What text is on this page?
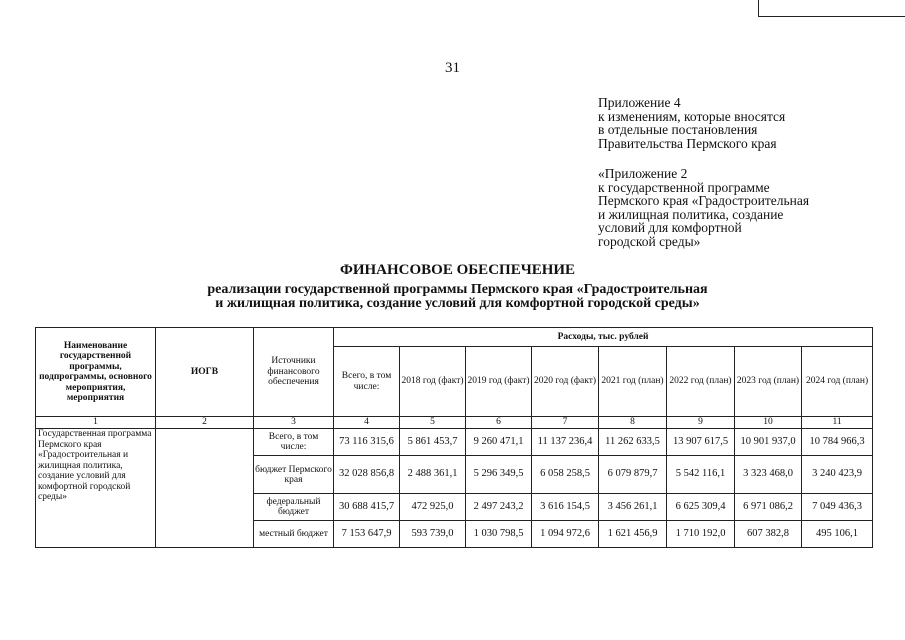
31
Приложение 4
к изменениям, которые вносятся
в отдельные постановления
Правительства Пермского края
«Приложение 2
к государственной программе
Пермского края «Градостроительная
и жилищная политика, создание
условий для комфортной
городской среды»
ФИНАНСОВОЕ ОБЕСПЕЧЕНИЕ
реализации государственной программы Пермского края «Градостроительная
и жилищная политика, создание условий для комфортной городской среды»
Наименование государственной программы, подпрограммы, основного мероприятия, мероприятия	ИОГВ	Источники финансового обеспечения	Расходы, тыс. рублей							
			Всего, в том числе:	2018 год (факт)	2019 год (факт)	2020 год (факт)	2021 год (план)	2022 год (план)	2023 год (план)	2024 год (план)
1	2	3	4	5	6	7	8	9	10	11
Государственная программа Пермского края «Градостроительная и жилищная политика, создание условий для комфортной городской среды»		Всего, в том числе:	73 116 315,6	5 861 453,7	9 260 471,1	11 137 236,4	11 262 633,5	13 907 617,5	10 901 937,0	10 784 966,3
		бюджет Пермского края	32 028 856,8	2 488 361,1	5 296 349,5	6 058 258,5	6 079 879,7	5 542 116,1	3 323 468,0	3 240 423,9
		федеральный бюджет	30 688 415,7	472 925,0	2 497 243,2	3 616 154,5	3 456 261,1	6 625 309,4	6 971 086,2	7 049 436,3
		местный бюджет	7 153 647,9	593 739,0	1 030 798,5	1 094 972,6	1 621 456,9	1 710 192,0	607 382,8	495 106,1
